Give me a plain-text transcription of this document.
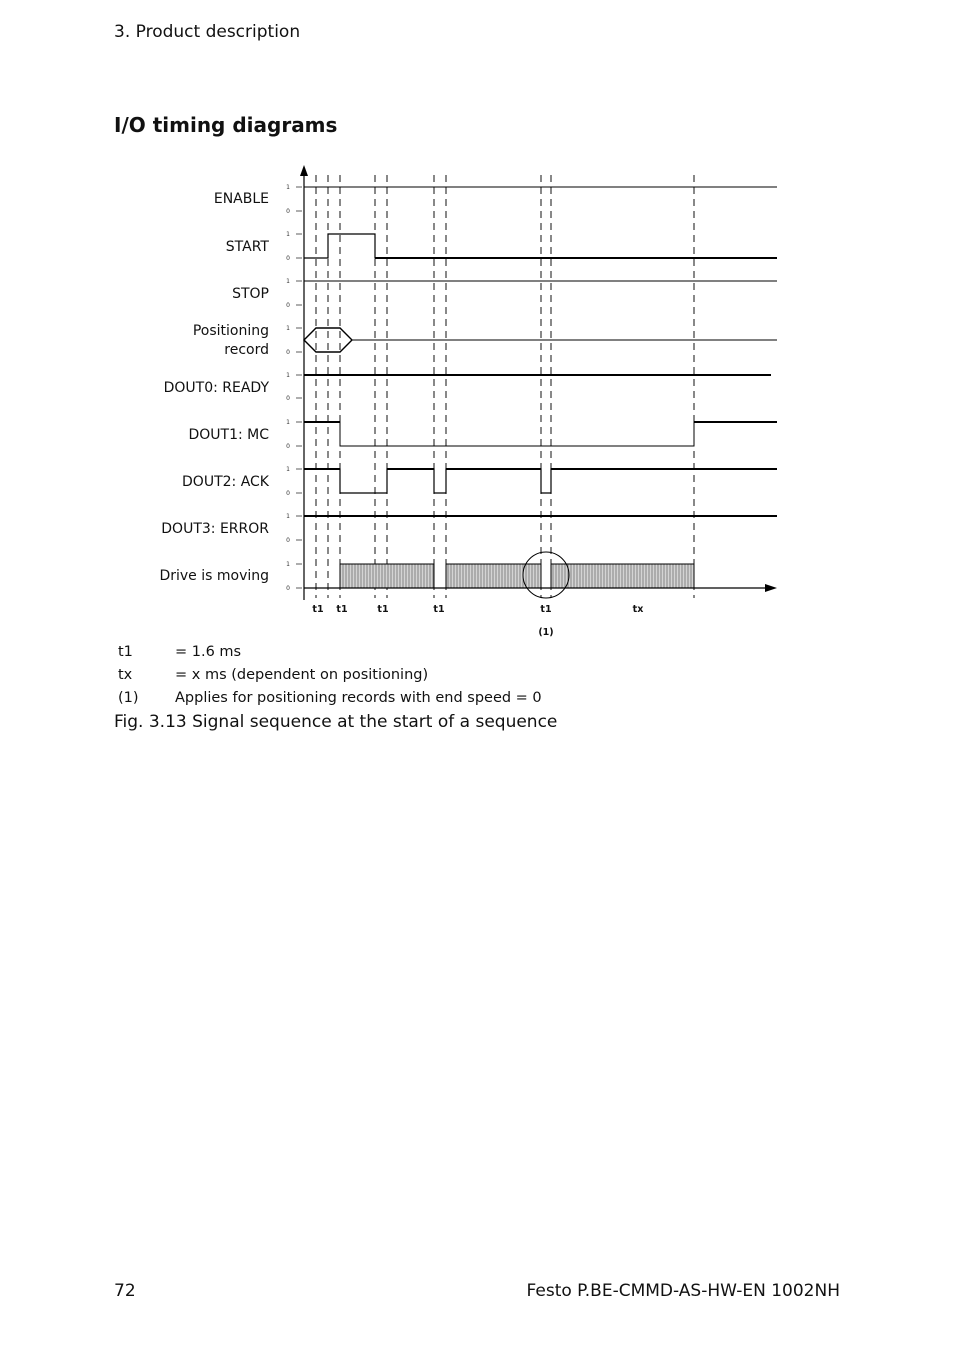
3. Product description
I/O timing diagrams
1
0
1
0
1
0
1
0
1
0
1
0
1
0
1
0
1
0
ENABLE
START
STOP
Positioning
record
DOUT0: READY
DOUT1: MC
DOUT2: ACK
DOUT3: ERROR
Drive is moving
t1 t1	t1	t1	t1	tx
(1)
t1	= 1.6 ms
tx	= x ms (dependent on positioning)
(1)	Applies for positioning records with end speed = 0
Fig. 3.13 Signal sequence at the start of a sequence
72	Festo P.BE-CMMD-AS-HW-EN 1002NH
